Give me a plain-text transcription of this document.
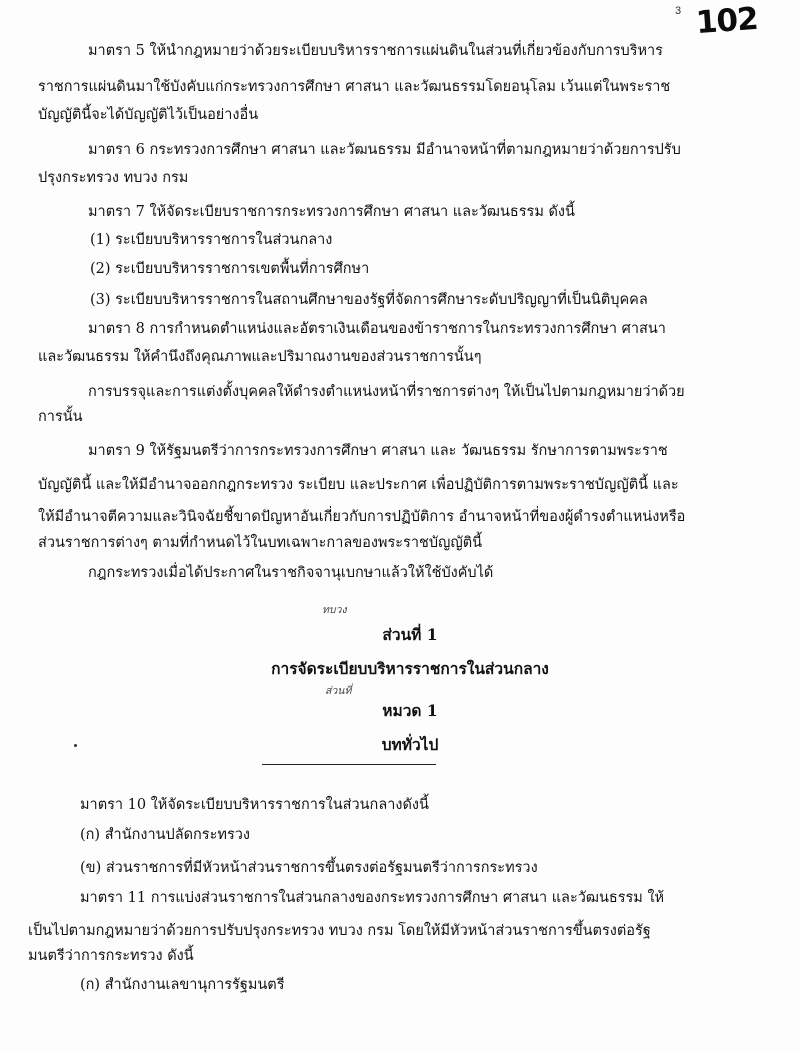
3 102
มาตรา 5 ให้นำกฎหมายว่าด้วยระเบียบบริหารราชการแผ่นดินในส่วนที่เกี่ยวข้องกับการบริหาร
ราชการแผ่นดินมาใช้บังคับแก่กระทรวงการศึกษา ศาสนา และวัฒนธรรมโดยอนุโลม เว้นแต่ในพระราช
บัญญัตินี้จะได้บัญญัติไว้เป็นอย่างอื่น
มาตรา 6 กระทรวงการศึกษา ศาสนา และวัฒนธรรม มีอำนาจหน้าที่ตามกฎหมายว่าด้วยการปรับ
ปรุงกระทรวง ทบวง กรม
มาตรา 7 ให้จัดระเบียบราชการกระทรวงการศึกษา ศาสนา และวัฒนธรรม ดังนี้
(1) ระเบียบบริหารราชการในส่วนกลาง
(2) ระเบียบบริหารราชการเขตพื้นที่การศึกษา
(3) ระเบียบบริหารราชการในสถานศึกษาของรัฐที่จัดการศึกษาระดับปริญญาที่เป็นนิติบุคคล
มาตรา 8 การกำหนดตำแหน่งและอัตราเงินเดือนของข้าราชการในกระทรวงการศึกษา ศาสนา
และวัฒนธรรม ให้คำนึงถึงคุณภาพและปริมาณงานของส่วนราชการนั้นๆ
การบรรจุและการแต่งตั้งบุคคลให้ดำรงตำแหน่งหน้าที่ราชการต่างๆ ให้เป็นไปตามกฎหมายว่าด้วย
การนั้น
มาตรา 9 ให้รัฐมนตรีว่าการกระทรวงการศึกษา ศาสนา และ วัฒนธรรม รักษาการตามพระราช
บัญญัตินี้ และให้มีอำนาจออกกฎกระทรวง ระเบียบ และประกาศ เพื่อปฏิบัติการตามพระราชบัญญัตินี้ และ
ให้มีอำนาจตีความและวินิจฉัยชี้ขาดปัญหาอันเกี่ยวกับการปฏิบัติการ อำนาจหน้าที่ของผู้ดำรงตำแหน่งหรือ
ส่วนราชการต่างๆ ตามที่กำหนดไว้ในบทเฉพาะกาลของพระราชบัญญัตินี้
กฎกระทรวงเมื่อได้ประกาศในราชกิจจานุเบกษาแล้วให้ใช้บังคับได้
ทบวง
ส่วนที่ 1
การจัดระเบียบบริหารราชการในส่วนกลาง
ส่วนที่
หมวด 1
บททั่วไป
มาตรา 10 ให้จัดระเบียบบริหารราชการในส่วนกลางดังนี้
(ก) สำนักงานปลัดกระทรวง
(ข) ส่วนราชการที่มีหัวหน้าส่วนราชการขึ้นตรงต่อรัฐมนตรีว่าการกระทรวง
มาตรา 11 การแบ่งส่วนราชการในส่วนกลางของกระทรวงการศึกษา ศาสนา และวัฒนธรรม ให้
เป็นไปตามกฎหมายว่าด้วยการปรับปรุงกระทรวง ทบวง กรม โดยให้มีหัวหน้าส่วนราชการขึ้นตรงต่อรัฐ
มนตรีว่าการกระทรวง ดังนี้
(ก) สำนักงานเลขานุการรัฐมนตรี
